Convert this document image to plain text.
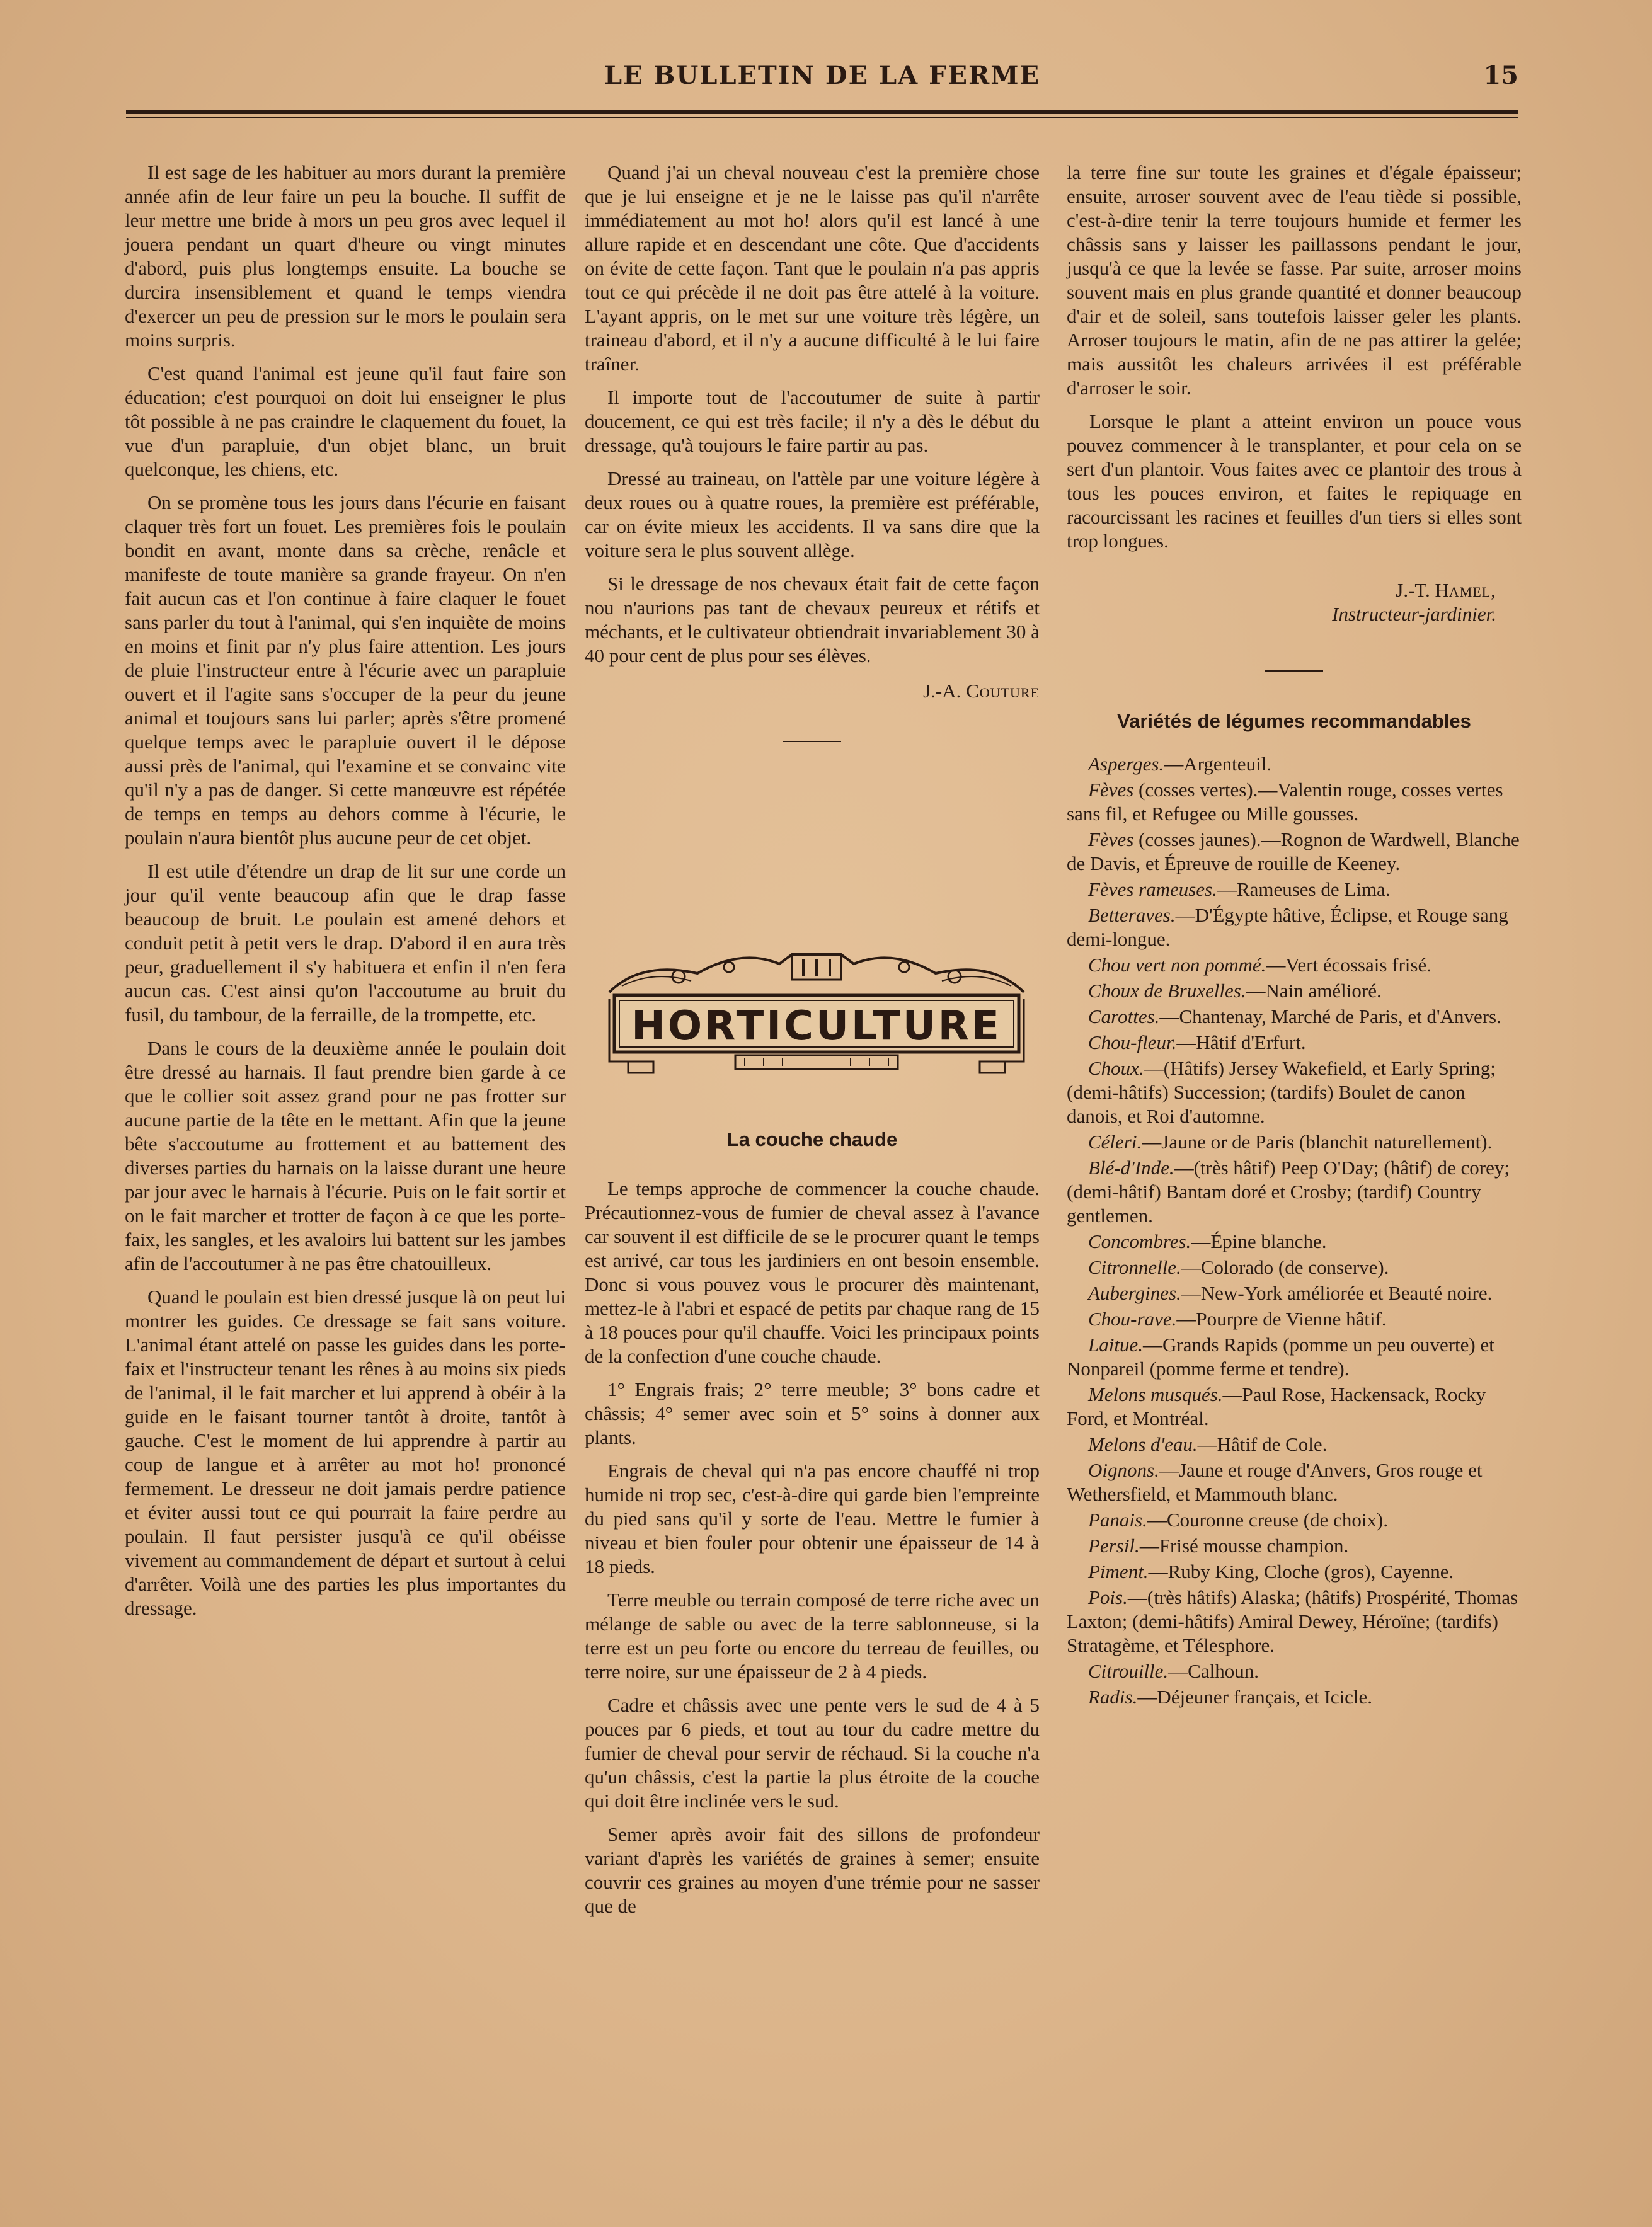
LE BULLETIN DE LA FERME	15

Il est sage de les habituer au mors durant la première année afin de leur faire un peu la bouche. Il suffit de leur mettre une bride à mors un peu gros avec lequel il jouera pendant un quart d'heure ou vingt minutes d'abord, puis plus longtemps ensuite. La bouche se durcira insensiblement et quand le temps viendra d'exercer un peu de pression sur le mors le poulain sera moins surpris.

C'est quand l'animal est jeune qu'il faut faire son éducation; c'est pourquoi on doit lui enseigner le plus tôt possible à ne pas craindre le claquement du fouet, la vue d'un parapluie, d'un objet blanc, un bruit quelconque, les chiens, etc.

On se promène tous les jours dans l'écurie en faisant claquer très fort un fouet. Les premières fois le poulain bondit en avant, monte dans sa crèche, renâcle et manifeste de toute manière sa grande frayeur. On n'en fait aucun cas et l'on continue à faire claquer le fouet sans parler du tout à l'animal, qui s'en inquiète de moins en moins et finit par n'y plus faire attention. Les jours de pluie l'instructeur entre à l'écurie avec un parapluie ouvert et il l'agite sans s'occuper de la peur du jeune animal et toujours sans lui parler; après s'être promené quelque temps avec le parapluie ouvert il le dépose aussi près de l'animal, qui l'examine et se convainc vite qu'il n'y a pas de danger. Si cette manœuvre est répétée de temps en temps au dehors comme à l'écurie, le poulain n'aura bientôt plus aucune peur de cet objet.

Il est utile d'étendre un drap de lit sur une corde un jour qu'il vente beaucoup afin que le drap fasse beaucoup de bruit. Le poulain est amené dehors et conduit petit à petit vers le drap. D'abord il en aura très peur, graduellement il s'y habituera et enfin il n'en fera aucun cas. C'est ainsi qu'on l'accoutume au bruit du fusil, du tambour, de la ferraille, de la trompette, etc.

Dans le cours de la deuxième année le poulain doit être dressé au harnais. Il faut prendre bien garde à ce que le collier soit assez grand pour ne pas frotter sur aucune partie de la tête en le mettant. Afin que la jeune bête s'accoutume au frottement et au battement des diverses parties du harnais on la laisse durant une heure par jour avec le harnais à l'écurie. Puis on le fait sortir et on le fait marcher et trotter de façon à ce que les porte-faix, les sangles, et les avaloirs lui battent sur les jambes afin de l'accoutumer à ne pas être chatouilleux.

Quand le poulain est bien dressé jusque là on peut lui montrer les guides. Ce dressage se fait sans voiture. L'animal étant attelé on passe les guides dans les porte-faix et l'instructeur tenant les rênes à au moins six pieds de l'animal, il le fait marcher et lui apprend à obéir à la guide en le faisant tourner tantôt à droite, tantôt à gauche. C'est le moment de lui apprendre à partir au coup de langue et à arrêter au mot ho! prononcé fermement. Le dresseur ne doit jamais perdre patience et éviter aussi tout ce qui pourrait la faire perdre au poulain. Il faut persister jusqu'à ce qu'il obéisse vivement au commandement de départ et surtout à celui d'arrêter. Voilà une des parties les plus importantes du dressage.

Quand j'ai un cheval nouveau c'est la première chose que je lui enseigne et je ne le laisse pas qu'il n'arrête immédiatement au mot ho! alors qu'il est lancé à une allure rapide et en descendant une côte. Que d'accidents on évite de cette façon. Tant que le poulain n'a pas appris tout ce qui précède il ne doit pas être attelé à la voiture. L'ayant appris, on le met sur une voiture très légère, un traineau d'abord, et il n'y a aucune difficulté à le lui faire traîner.

Il importe tout de l'accoutumer de suite à partir doucement, ce qui est très facile; il n'y a dès le début du dressage, qu'à toujours le faire partir au pas.

Dressé au traineau, on l'attèle par une voiture légère à deux roues ou à quatre roues, la première est préférable, car on évite mieux les accidents. Il va sans dire que la voiture sera le plus souvent allège.

Si le dressage de nos chevaux était fait de cette façon nou n'aurions pas tant de chevaux peureux et rétifs et méchants, et le cultivateur obtiendrait invariablement 30 à 40 pour cent de plus pour ses élèves.

J.-A. Couture
HORTICULTURE

La couche chaude

Le temps approche de commencer la couche chaude. Précautionnez-vous de fumier de cheval assez à l'avance car souvent il est difficile de se le procurer quant le temps est arrivé, car tous les jardiniers en ont besoin ensemble. Donc si vous pouvez vous le procurer dès maintenant, mettez-le à l'abri et espacé de petits par chaque rang de 15 à 18 pouces pour qu'il chauffe. Voici les principaux points de la confection d'une couche chaude.

1° Engrais frais; 2° terre meuble; 3° bons cadre et châssis; 4° semer avec soin et 5° soins à donner aux plants.

Engrais de cheval qui n'a pas encore chauffé ni trop humide ni trop sec, c'est-à-dire qui garde bien l'empreinte du pied sans qu'il y sorte de l'eau. Mettre le fumier à niveau et bien fouler pour obtenir une épaisseur de 14 à 18 pieds.

Terre meuble ou terrain composé de terre riche avec un mélange de sable ou avec de la terre sablonneuse, si la terre est un peu forte ou encore du terreau de feuilles, ou terre noire, sur une épaisseur de 2 à 4 pieds.

Cadre et châssis avec une pente vers le sud de 4 à 5 pouces par 6 pieds, et tout au tour du cadre mettre du fumier de cheval pour servir de réchaud. Si la couche n'a qu'un châssis, c'est la partie la plus étroite de la couche qui doit être inclinée vers le sud.

Semer après avoir fait des sillons de profondeur variant d'après les variétés de graines à semer; ensuite couvrir ces graines au moyen d'une trémie pour ne sasser que de

la terre fine sur toute les graines et d'égale épaisseur; ensuite, arroser souvent avec de l'eau tiède si possible, c'est-à-dire tenir la terre toujours humide et fermer les châssis sans y laisser les paillassons pendant le jour, jusqu'à ce que la levée se fasse. Par suite, arroser moins souvent mais en plus grande quantité et donner beaucoup d'air et de soleil, sans toutefois laisser geler les plants. Arroser toujours le matin, afin de ne pas attirer la gelée; mais aussitôt les chaleurs arrivées il est préférable d'arroser le soir.

Lorsque le plant a atteint environ un pouce vous pouvez commencer à le transplanter, et pour cela on se sert d'un plantoir. Vous faites avec ce plantoir des trous à tous les pouces environ, et faites le repiquage en racourcissant les racines et feuilles d'un tiers si elles sont trop longues.

J.-T. Hamel,
Instructeur-jardinier.

Variétés de légumes recommandables

Asperges.—Argenteuil.

Fèves (cosses vertes).—Valentin rouge, cosses vertes sans fil, et Refugee ou Mille gousses.

Fèves (cosses jaunes).—Rognon de Wardwell, Blanche de Davis, et Épreuve de rouille de Keeney.

Fèves rameuses.—Rameuses de Lima.

Betteraves.—D'Égypte hâtive, Éclipse, et Rouge sang demi-longue.

Chou vert non pommé.—Vert écossais frisé.

Choux de Bruxelles.—Nain amélioré.

Carottes.—Chantenay, Marché de Paris, et d'Anvers.

Chou-fleur.—Hâtif d'Erfurt.

Choux.—(Hâtifs) Jersey Wakefield, et Early Spring; (demi-hâtifs) Succession; (tardifs) Boulet de canon danois, et Roi d'automne.

Céleri.—Jaune or de Paris (blanchit naturellement).

Blé-d'Inde.—(très hâtif) Peep O'Day; (hâtif) de corey; (demi-hâtif) Bantam doré et Crosby; (tardif) Country gentlemen.

Concombres.—Épine blanche.

Citronnelle.—Colorado (de conserve).

Aubergines.—New-York améliorée et Beauté noire.

Chou-rave.—Pourpre de Vienne hâtif.

Laitue.—Grands Rapids (pomme un peu ouverte) et Nonpareil (pomme ferme et tendre).

Melons musqués.—Paul Rose, Hackensack, Rocky Ford, et Montréal.

Melons d'eau.—Hâtif de Cole.

Oignons.—Jaune et rouge d'Anvers, Gros rouge et Wethersfield, et Mammouth blanc.

Panais.—Couronne creuse (de choix).

Persil.—Frisé mousse champion.

Piment.—Ruby King, Cloche (gros), Cayenne.

Pois.—(très hâtifs) Alaska; (hâtifs) Prospérité, Thomas Laxton; (demi-hâtifs) Amiral Dewey, Héroïne; (tardifs) Stratagème, et Télesphore.

Citrouille.—Calhoun.

Radis.—Déjeuner français, et Icicle.
